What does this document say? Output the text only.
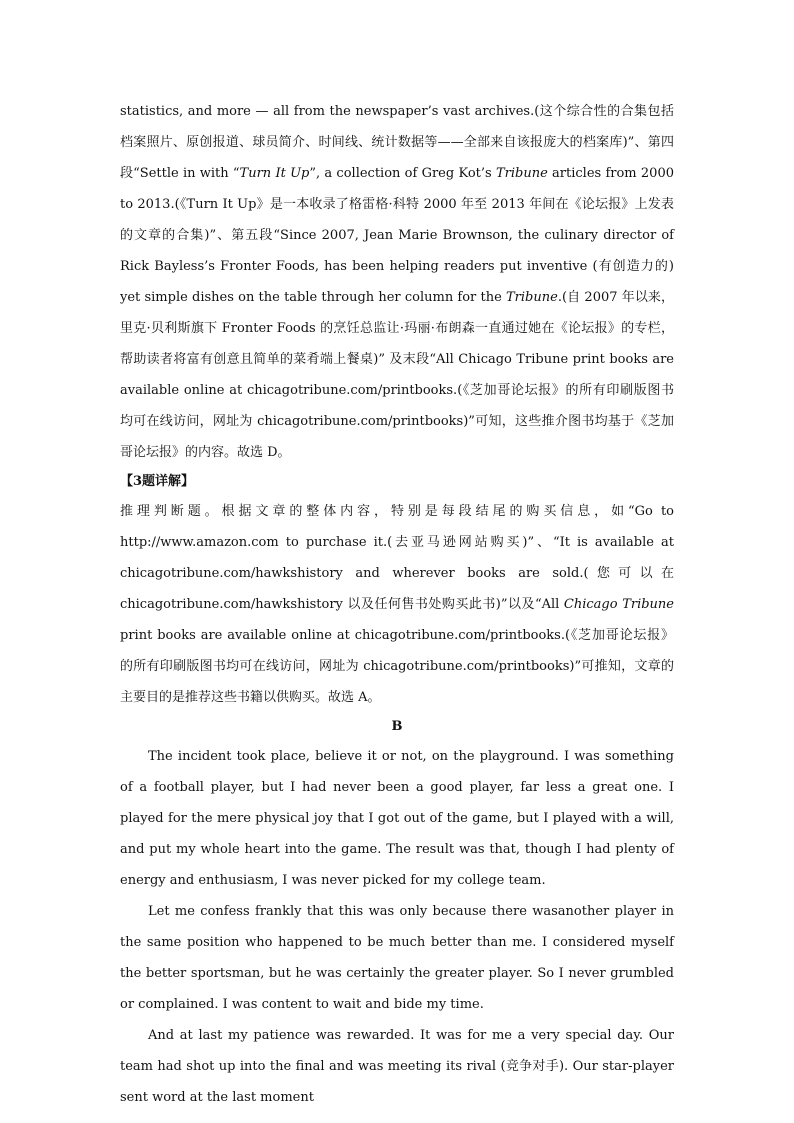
statistics, and more — all from the newspaper’s vast archives.(这个综合性的合集包括档案照片、原创报道、球员简介、时间线、统计数据等——全部来自该报庞大的档案库)”、第四段“Settle in with “Turn It Up”, a collection of Greg Kot’s Tribune articles from 2000 to 2013.(《Turn It Up》是一本收录了格雷格·科特 2000 年至 2013 年间在《论坛报》上发表的文章的合集)”、第五段“Since 2007, Jean Marie Brownson, the culinary director of Rick Bayless’s Fronter Foods, has been helping readers put inventive (有创造力的) yet simple dishes on the table through her column for the Tribune.(自 2007 年以来，里克·贝利斯旗下 Fronter Foods 的烹饪总监让·玛丽·布朗森一直通过她在《论坛报》的专栏，帮助读者将富有创意且简单的菜肴端上餐桌)” 及末段“All Chicago Tribune print books are available online at chicagotribune.com/printbooks.(《芝加哥论坛报》的所有印刷版图书均可在线访问，网址为 chicagotribune.com/printbooks)”可知，这些推介图书均基于《芝加哥论坛报》的内容。故选 D。

【3题详解】

推理判断题。根据文章的整体内容，特别是每段结尾的购买信息，如“Go to http://www.amazon.com to purchase it.(去亚马逊网站购买)”、“It is available at chicagotribune.com/hawkshistory and wherever books are sold.(您可以在 chicagotribune.com/hawkshistory 以及任何售书处购买此书)”以及“All Chicago Tribune print books are available online at chicagotribune.com/printbooks.(《芝加哥论坛报》的所有印刷版图书均可在线访问，网址为 chicagotribune.com/printbooks)”可推知，文章的主要目的是推荐这些书籍以供购买。故选 A。

B

The incident took place, believe it or not, on the playground. I was something of a football player, but I had never been a good player, far less a great one. I played for the mere physical joy that I got out of the game, but I played with a will, and put my whole heart into the game. The result was that, though I had plenty of energy and enthusiasm, I was never picked for my college team.

Let me confess frankly that this was only because there wasanother player in the same position who happened to be much better than me. I considered myself the better sportsman, but he was certainly the greater player. So I never grumbled or complained. I was content to wait and bide my time.

And at last my patience was rewarded. It was for me a very special day. Our team had shot up into the final and was meeting its rival (竞争对手). Our star-player sent word at the last moment
